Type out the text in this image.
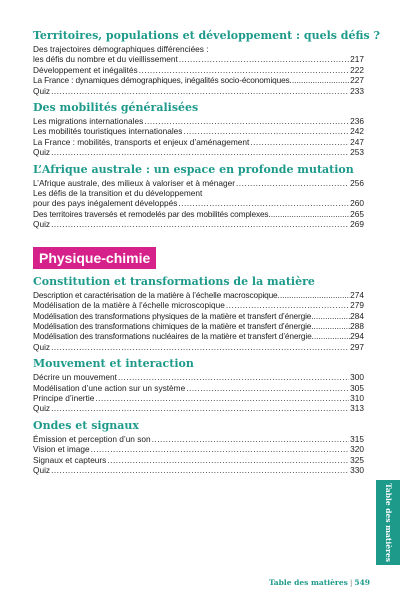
Territoires, populations et développement : quels défis ?
Des trajectoires démographiques différenciées :
les défis du nombre et du vieillissement .....	217
Développement et inégalités .....	222
La France : dynamiques démographiques, inégalités socio-économiques .....	227
Quiz .....	233
Des mobilités généralisées
Les migrations internationales .....	236
Les mobilités touristiques internationales .....	242
La France : mobilités, transports et enjeux d’aménagement .....	247
Quiz .....	253
L’Afrique australe : un espace en profonde mutation
L’Afrique australe, des milieux à valoriser et à ménager .....	256
Les défis de la transition et du développement
pour des pays inégalement développés .....	260
Des territoires traversés et remodelés par des mobilités complexes .....	265
Quiz .....	269
Physique-chimie
Constitution et transformations de la matière
Description et caractérisation de la matière à l’échelle macroscopique .....	274
Modélisation de la matière à l’échelle microscopique .....	279
Modélisation des transformations physiques de la matière et transfert d’énergie .....	284
Modélisation des transformations chimiques de la matière et transfert d’énergie .....	288
Modélisation des transformations nucléaires de la matière et transfert d’énergie .....	294
Quiz .....	297
Mouvement et interaction
Décrire un mouvement .....	300
Modélisation d’une action sur un système .....	305
Principe d’inertie .....	310
Quiz .....	313
Ondes et signaux
Émission et perception d’un son .....	315
Vision et image .....	320
Signaux et capteurs .....	325
Quiz .....	330
Table des matières
Table des matières | 549
